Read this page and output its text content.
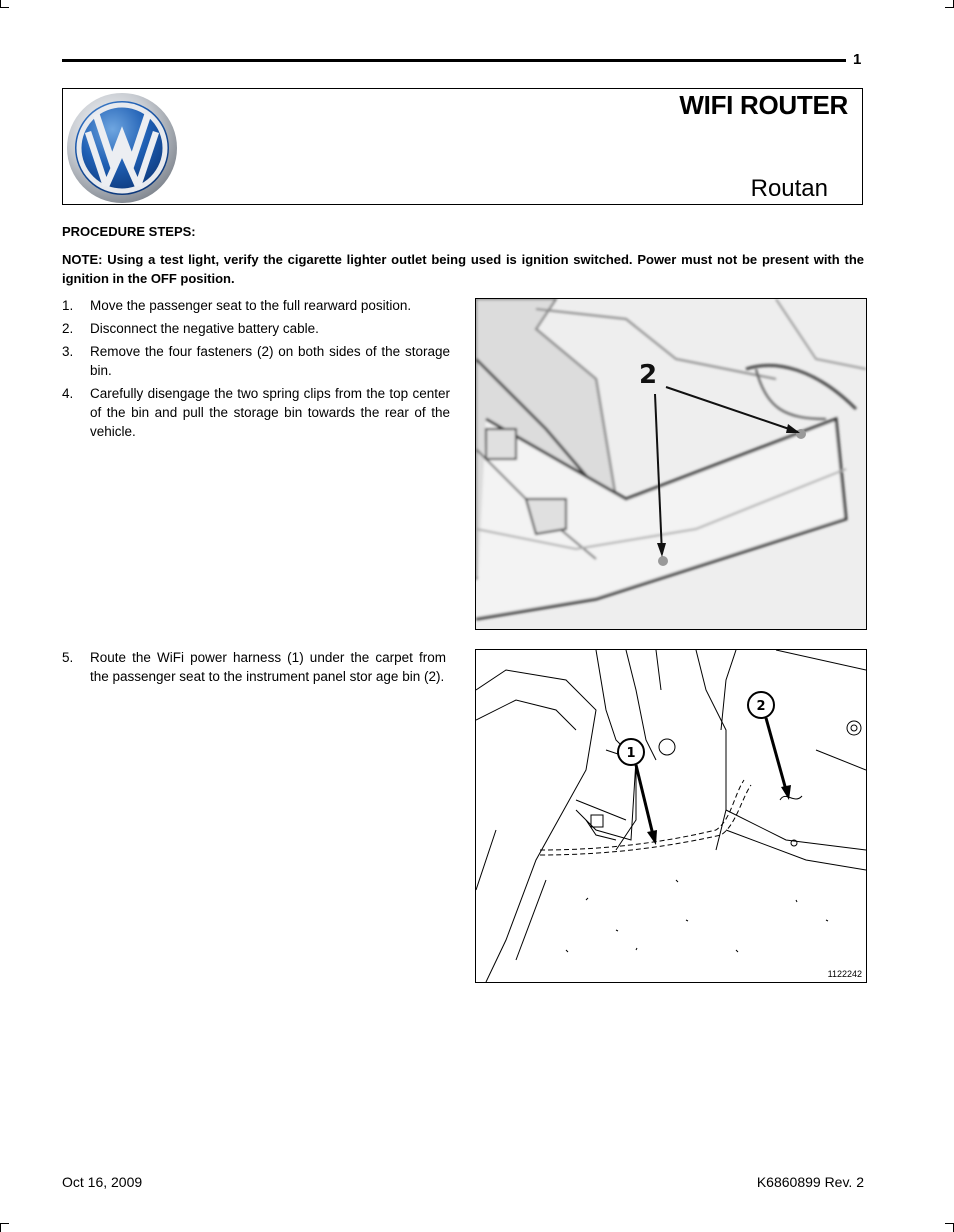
1
WIFI ROUTER
Routan
PROCEDURE STEPS:
NOTE: Using a test light, verify the cigarette lighter outlet being used is ignition switched. Power must not be present with the ignition in the OFF position.
1. Move the passenger seat to the full rearward position.
2. Disconnect the negative battery cable.
3. Remove the four fasteners (2) on both sides of the storage bin.
4. Carefully disengage the two spring clips from the top center of the bin and pull the storage bin towards the rear of the vehicle.
2
5. Route the WiFi power harness (1) under the carpet from the passenger seat to the instrument panel stor age bin (2).
1
2
1122242
Oct 16, 2009	K6860899 Rev. 2
